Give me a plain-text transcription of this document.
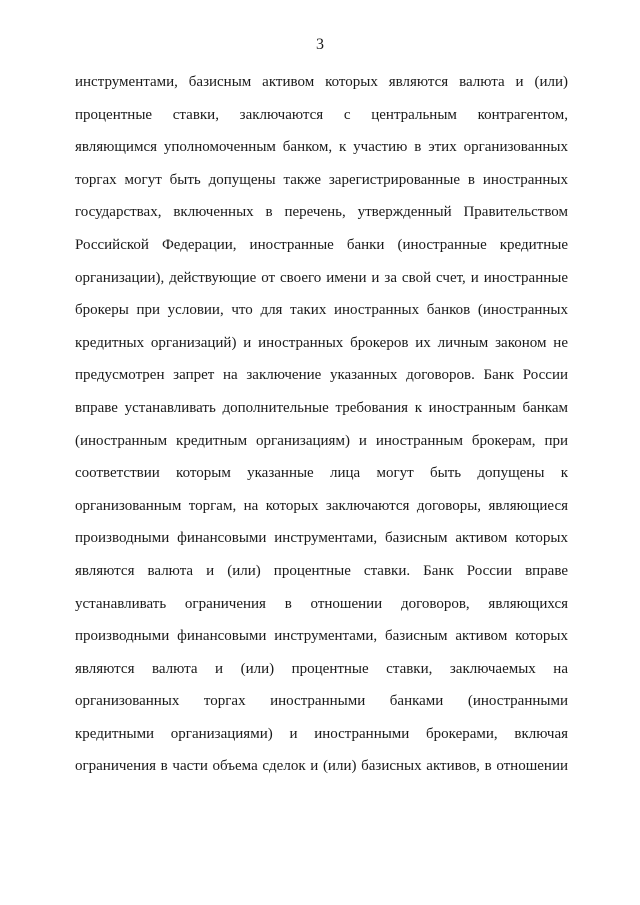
3
инструментами, базисным активом которых являются валюта и (или)
процентные ставки, заключаются с центральным контрагентом,
являющимся уполномоченным банком, к участию в этих организованных
торгах могут быть допущены также зарегистрированные в иностранных
государствах, включенных в перечень, утвержденный Правительством
Российской Федерации, иностранные банки (иностранные кредитные
организации), действующие от своего имени и за свой счет, и иностранные
брокеры при условии, что для таких иностранных банков (иностранных
кредитных организаций) и иностранных брокеров их личным законом не
предусмотрен запрет на заключение указанных договоров. Банк России
вправе устанавливать дополнительные требования к иностранным банкам
(иностранным кредитным организациям) и иностранным брокерам, при
соответствии которым указанные лица могут быть допущены к
организованным торгам, на которых заключаются договоры, являющиеся
производными финансовыми инструментами, базисным активом которых
являются валюта и (или) процентные ставки. Банк России вправе
устанавливать ограничения в отношении договоров, являющихся
производными финансовыми инструментами, базисным активом которых
являются валюта и (или) процентные ставки, заключаемых на
организованных торгах иностранными банками (иностранными
кредитными организациями) и иностранными брокерами, включая
ограничения в части объема сделок и (или) базисных активов, в отношении
